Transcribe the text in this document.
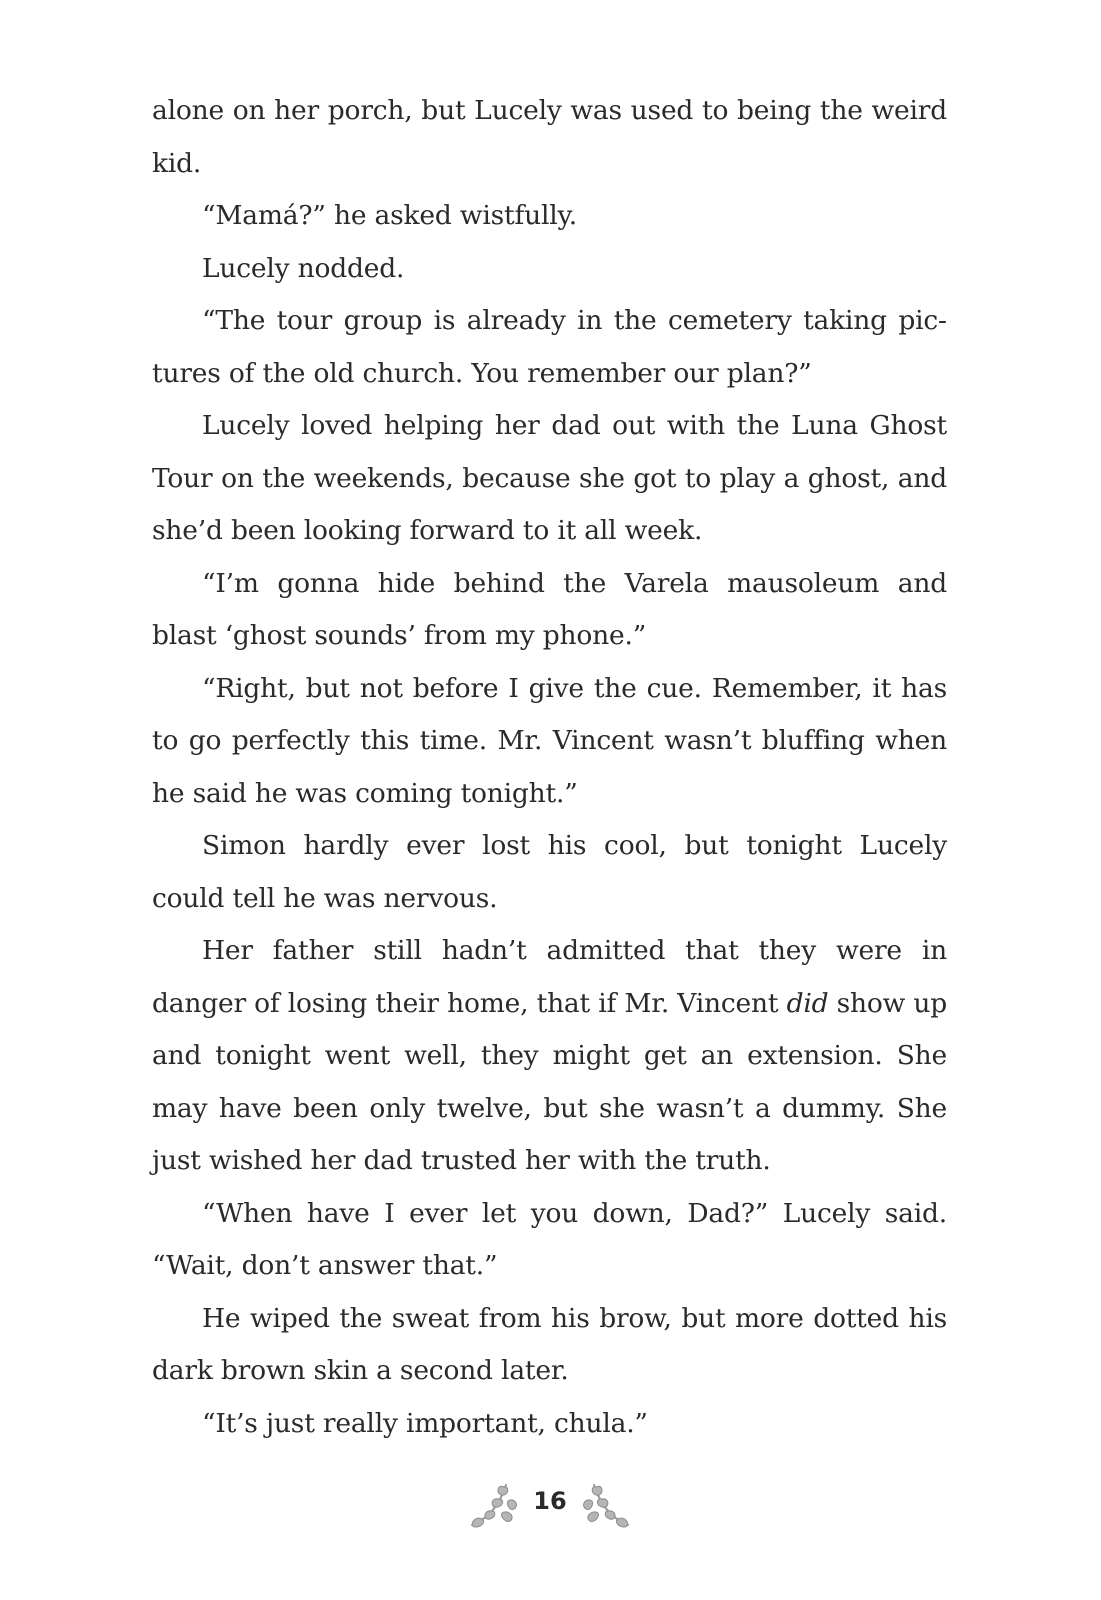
alone on her porch, but Lucely was used to being the weird kid.

“Mamá?” he asked wistfully.

Lucely nodded.

“The tour group is already in the cemetery taking pictures of the old church. You remember our plan?”

Lucely loved helping her dad out with the Luna Ghost Tour on the weekends, because she got to play a ghost, and she’d been looking forward to it all week.

“I’m gonna hide behind the Varela mausoleum and blast ‘ghost sounds’ from my phone.”

“Right, but not before I give the cue. Remember, it has to go perfectly this time. Mr. Vincent wasn’t bluffing when he said he was coming tonight.”

Simon hardly ever lost his cool, but tonight Lucely could tell he was nervous.

Her father still hadn’t admitted that they were in danger of losing their home, that if Mr. Vincent did show up and tonight went well, they might get an extension. She may have been only twelve, but she wasn’t a dummy. She just wished her dad trusted her with the truth.

“When have I ever let you down, Dad?” Lucely said. “Wait, don’t answer that.”

He wiped the sweat from his brow, but more dotted his dark brown skin a second later.

“It’s just really important, chula.”

16
